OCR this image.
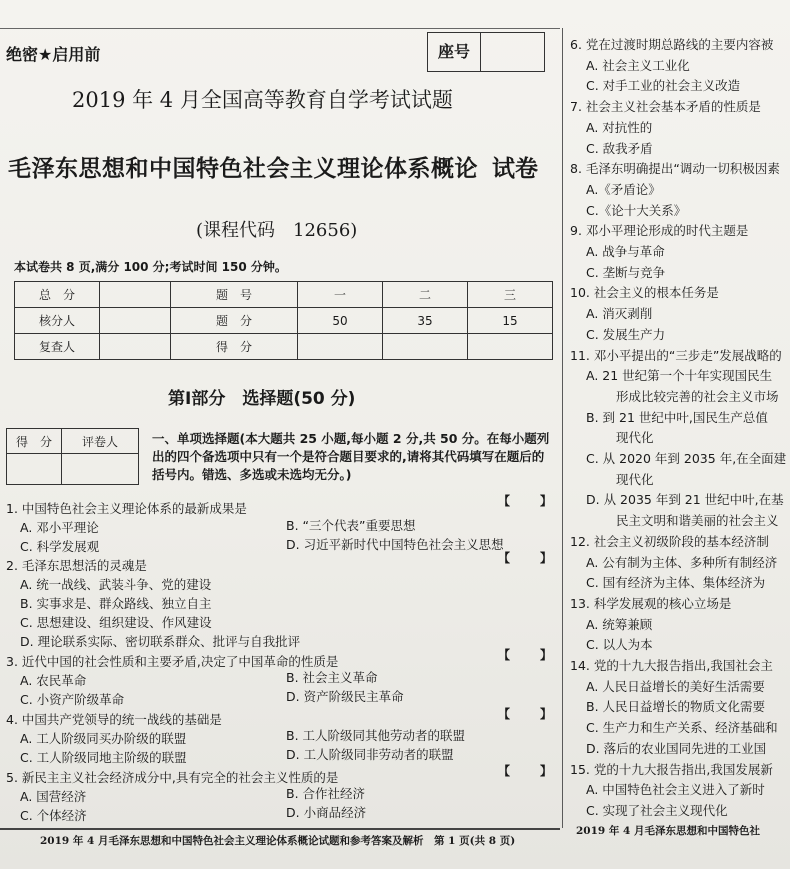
绝密★启用前	座号
2019 年 4 月全国高等教育自学考试试题
毛泽东思想和中国特色社会主义理论体系概论 试卷
(课程代码　12656)
本试卷共 8 页,满分 100 分;考试时间 150 分钟。
总　分		题　号	一	二	三
核分人		题　分	50	35	15
复查人		得　分			
第Ⅰ部分　选择题(50 分)
得　分	评卷人
		一、单项选择题(本大题共 25 小题,每小题 2 分,共 50 分。在每小题列出的四个备选项中只有一个是符合题目要求的,请将其代码填写在题后的括号内。错选、多选或未选均无分。)
1. 中国特色社会主义理论体系的最新成果是	【　　】
A. 邓小平理论	B. “三个代表”重要思想
C. 科学发展观	D. 习近平新时代中国特色社会主义思想
2. 毛泽东思想活的灵魂是	【　　】
A. 统一战线、武装斗争、党的建设
B. 实事求是、群众路线、独立自主
C. 思想建设、组织建设、作风建设
D. 理论联系实际、密切联系群众、批评与自我批评
3. 近代中国的社会性质和主要矛盾,决定了中国革命的性质是	【　　】
A. 农民革命	B. 社会主义革命
C. 小资产阶级革命	D. 资产阶级民主革命
4. 中国共产党领导的统一战线的基础是	【　　】
A. 工人阶级同买办阶级的联盟	B. 工人阶级同其他劳动者的联盟
C. 工人阶级同地主阶级的联盟	D. 工人阶级同非劳动者的联盟
5. 新民主主义社会经济成分中,具有完全的社会主义性质的是	【　　】
A. 国营经济	B. 合作社经济
C. 个体经济	D. 小商品经济
6. 党在过渡时期总路线的主要内容被
A. 社会主义工业化
C. 对手工业的社会主义改造
7. 社会主义社会基本矛盾的性质是
A. 对抗性的
C. 敌我矛盾
8. 毛泽东明确提出“调动一切积极因素
A.《矛盾论》
C.《论十大关系》
9. 邓小平理论形成的时代主题是
A. 战争与革命
C. 垄断与竞争
10. 社会主义的根本任务是
A. 消灭剥削
C. 发展生产力
11. 邓小平提出的“三步走”发展战略的
A. 21 世纪第一个十年实现国民生
形成比较完善的社会主义市场
B. 到 21 世纪中叶,国民生产总值
现代化
C. 从 2020 年到 2035 年,在全面建
现代化
D. 从 2035 年到 21 世纪中叶,在基
民主文明和谐美丽的社会主义
12. 社会主义初级阶段的基本经济制
A. 公有制为主体、多种所有制经济
C. 国有经济为主体、集体经济为
13. 科学发展观的核心立场是
A. 统筹兼顾
C. 以人为本
14. 党的十九大报告指出,我国社会主
A. 人民日益增长的美好生活需要
B. 人民日益增长的物质文化需要
C. 生产力和生产关系、经济基础和
D. 落后的农业国同先进的工业国
15. 党的十九大报告指出,我国发展新
A. 中国特色社会主义进入了新时
C. 实现了社会主义现代化
2019 年 4 月毛泽东思想和中国特色社会主义理论体系概论试题和参考答案及解析　第 1 页(共 8 页)
2019 年 4 月毛泽东思想和中国特色社
